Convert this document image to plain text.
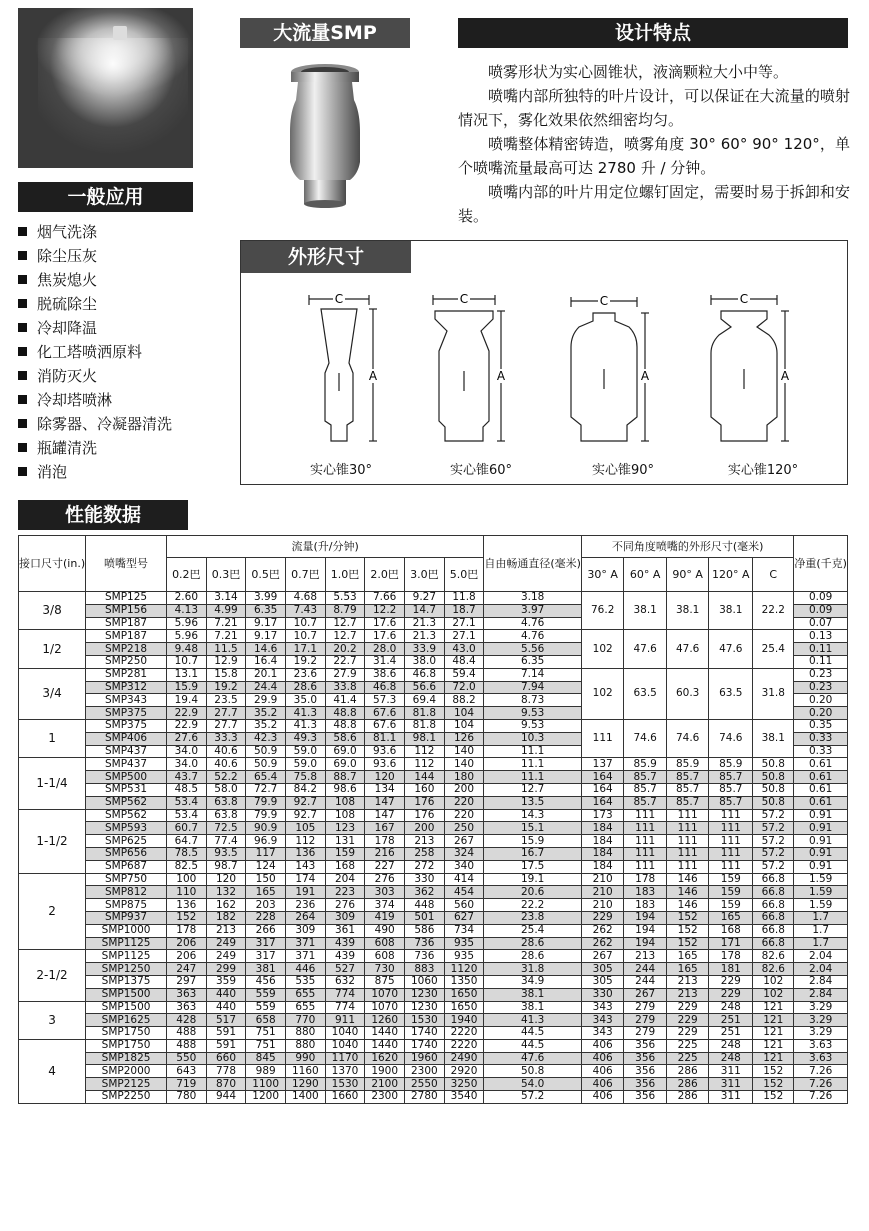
一般应用
烟气洗涤
除尘压灰
焦炭熄火
脱硫除尘
冷却降温
化工塔喷洒原料
消防灭火
冷却塔喷淋
除雾器、冷凝器清洗
瓶罐清洗
消泡
大流量SMP	设计特点

喷雾形状为实心圆锥状，液滴颗粒大小中等。

喷嘴内部所独特的叶片设计，可以保证在大流量的喷射情况下，雾化效果依然细密均匀。

喷嘴整体精密铸造，喷雾角度 30° 60° 90° 120°，单个喷嘴流量最高可达 2780 升 / 分钟。

喷嘴内部的叶片用定位螺钉固定，需要时易于拆卸和安装。

外形尺寸
C
A
实心锥30°
C
A
实心锥60°
C
A
实心锥90°
C
A
实心锥120°
性能数据
接口尺寸(in.)	喷嘴型号	流量(升/分钟)								自由畅通直径(毫米)	不同角度喷嘴的外形尺寸(毫米)					净重(千克)
		0.2巴	0.3巴	0.5巴	0.7巴	1.0巴	2.0巴	3.0巴	5.0巴		30° A	60° A	90° A	120° A	C	
3/8	SMP125	2.60	3.14	3.99	4.68	5.53	7.66	9.27	11.8	3.18	76.2	38.1	38.1	38.1	22.2	0.09
	SMP156	4.13	4.99	6.35	7.43	8.79	12.2	14.7	18.7	3.97						0.09
	SMP187	5.96	7.21	9.17	10.7	12.7	17.6	21.3	27.1	4.76						0.07
1/2	SMP187	5.96	7.21	9.17	10.7	12.7	17.6	21.3	27.1	4.76	102	47.6	47.6	47.6	25.4	0.13
	SMP218	9.48	11.5	14.6	17.1	20.2	28.0	33.9	43.0	5.56						0.11
	SMP250	10.7	12.9	16.4	19.2	22.7	31.4	38.0	48.4	6.35						0.11
3/4	SMP281	13.1	15.8	20.1	23.6	27.9	38.6	46.8	59.4	7.14	102	63.5	60.3	63.5	31.8	0.23
	SMP312	15.9	19.2	24.4	28.6	33.8	46.8	56.6	72.0	7.94						0.23
	SMP343	19.4	23.5	29.9	35.0	41.4	57.3	69.4	88.2	8.73						0.20
	SMP375	22.9	27.7	35.2	41.3	48.8	67.6	81.8	104	9.53						0.20
1	SMP375	22.9	27.7	35.2	41.3	48.8	67.6	81.8	104	9.53	111	74.6	74.6	74.6	38.1	0.35
	SMP406	27.6	33.3	42.3	49.3	58.6	81.1	98.1	126	10.3						0.33
	SMP437	34.0	40.6	50.9	59.0	69.0	93.6	112	140	11.1						0.33
1-1/4	SMP437	34.0	40.6	50.9	59.0	69.0	93.6	112	140	11.1	137	85.9	85.9	85.9	50.8	0.61
	SMP500	43.7	52.2	65.4	75.8	88.7	120	144	180	11.1	164	85.7	85.7	85.7	50.8	0.61
	SMP531	48.5	58.0	72.7	84.2	98.6	134	160	200	12.7	164	85.7	85.7	85.7	50.8	0.61
	SMP562	53.4	63.8	79.9	92.7	108	147	176	220	13.5	164	85.7	85.7	85.7	50.8	0.61
1-1/2	SMP562	53.4	63.8	79.9	92.7	108	147	176	220	14.3	173	111	111	111	57.2	0.91
	SMP593	60.7	72.5	90.9	105	123	167	200	250	15.1	184	111	111	111	57.2	0.91
	SMP625	64.7	77.4	96.9	112	131	178	213	267	15.9	184	111	111	111	57.2	0.91
	SMP656	78.5	93.5	117	136	159	216	258	324	16.7	184	111	111	111	57.2	0.91
	SMP687	82.5	98.7	124	143	168	227	272	340	17.5	184	111	111	111	57.2	0.91
2	SMP750	100	120	150	174	204	276	330	414	19.1	210	178	146	159	66.8	1.59
	SMP812	110	132	165	191	223	303	362	454	20.6	210	183	146	159	66.8	1.59
	SMP875	136	162	203	236	276	374	448	560	22.2	210	183	146	159	66.8	1.59
	SMP937	152	182	228	264	309	419	501	627	23.8	229	194	152	165	66.8	1.7
	SMP1000	178	213	266	309	361	490	586	734	25.4	262	194	152	168	66.8	1.7
	SMP1125	206	249	317	371	439	608	736	935	28.6	262	194	152	171	66.8	1.7
2-1/2	SMP1125	206	249	317	371	439	608	736	935	28.6	267	213	165	178	82.6	2.04
	SMP1250	247	299	381	446	527	730	883	1120	31.8	305	244	165	181	82.6	2.04
	SMP1375	297	359	456	535	632	875	1060	1350	34.9	305	244	213	229	102	2.84
	SMP1500	363	440	559	655	774	1070	1230	1650	38.1	330	267	213	229	102	2.84
3	SMP1500	363	440	559	655	774	1070	1230	1650	38.1	343	279	229	248	121	3.29
	SMP1625	428	517	658	770	911	1260	1530	1940	41.3	343	279	229	251	121	3.29
	SMP1750	488	591	751	880	1040	1440	1740	2220	44.5	343	279	229	251	121	3.29
4	SMP1750	488	591	751	880	1040	1440	1740	2220	44.5	406	356	225	248	121	3.63
	SMP1825	550	660	845	990	1170	1620	1960	2490	47.6	406	356	225	248	121	3.63
	SMP2000	643	778	989	1160	1370	1900	2300	2920	50.8	406	356	286	311	152	7.26
	SMP2125	719	870	1100	1290	1530	2100	2550	3250	54.0	406	356	286	311	152	7.26
	SMP2250	780	944	1200	1400	1660	2300	2780	3540	57.2	406	356	286	311	152	7.26
